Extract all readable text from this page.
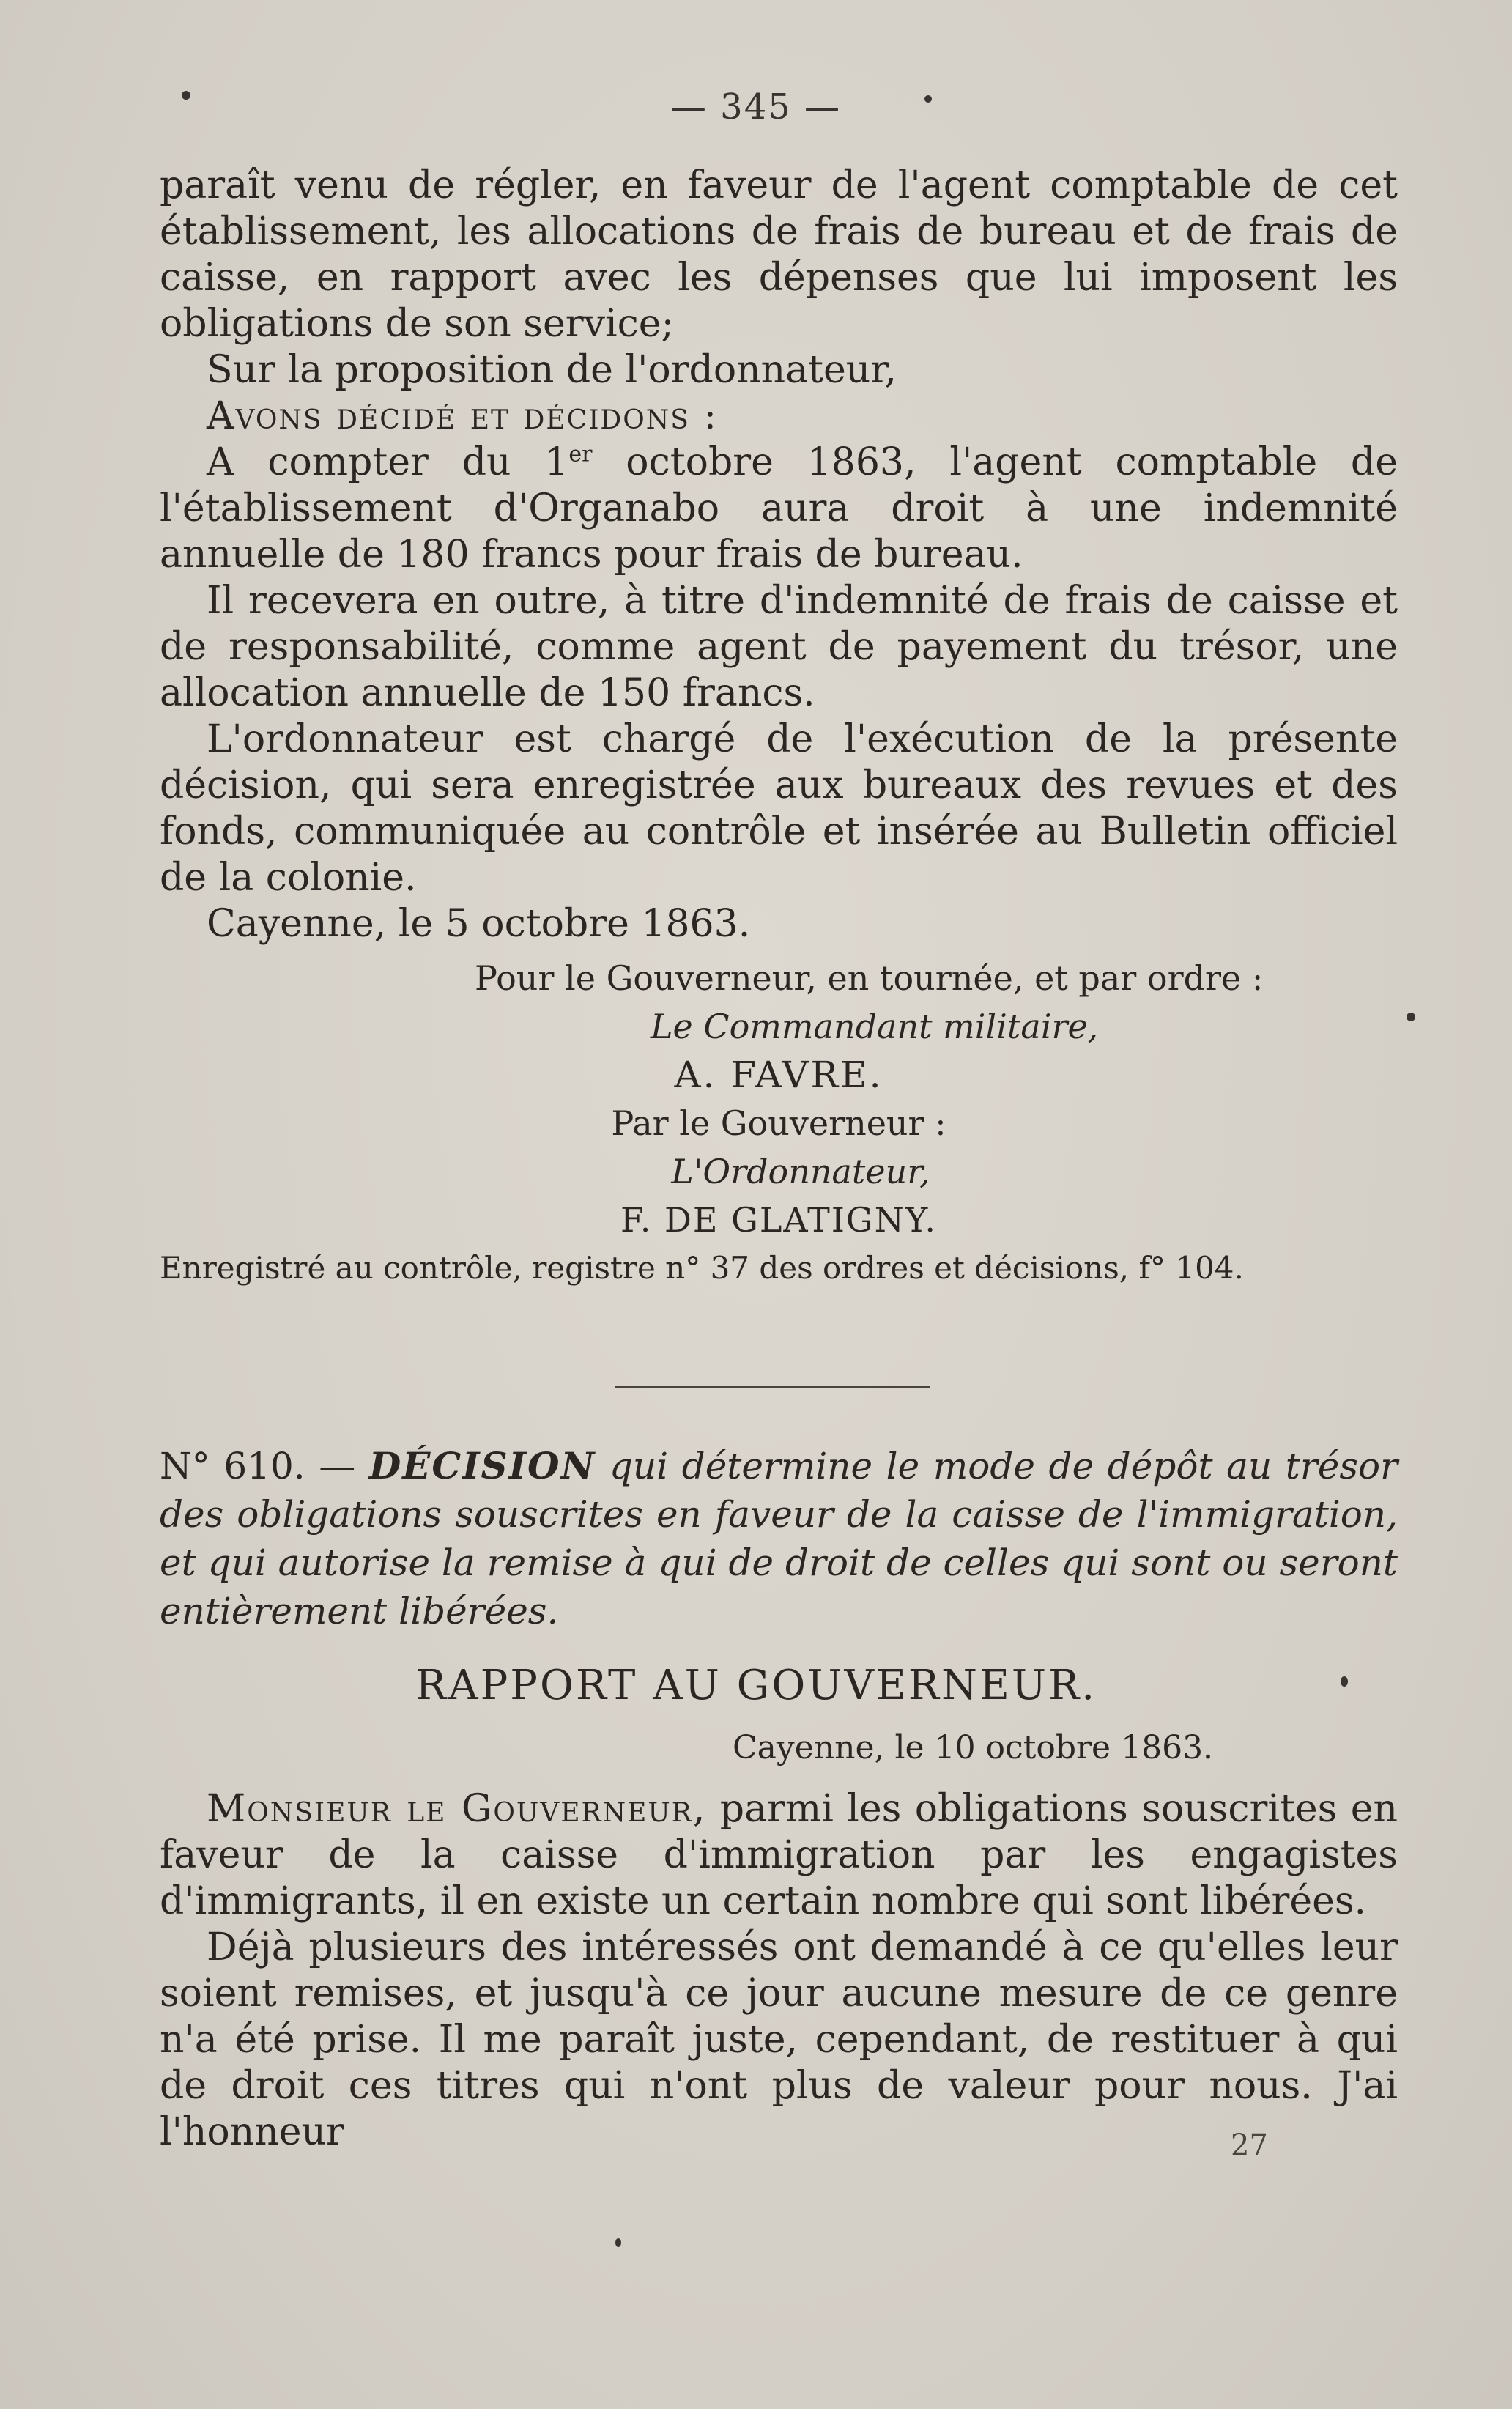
— 345 —

paraît venu de régler, en faveur de l'agent comptable de cet établissement, les allocations de frais de bureau et de frais de caisse, en rapport avec les dépenses que lui imposent les obligations de son service;

Sur la proposition de l'ordonnateur,

Avons décidé et décidons :

A compter du 1er octobre 1863, l'agent comptable de l'établissement d'Organabo aura droit à une indemnité annuelle de 180 francs pour frais de bureau.

Il recevera en outre, à titre d'indemnité de frais de caisse et de responsabilité, comme agent de payement du trésor, une allocation annuelle de 150 francs.

L'ordonnateur est chargé de l'exécution de la présente décision, qui sera enregistrée aux bureaux des revues et des fonds, communiquée au contrôle et insérée au Bulletin officiel de la colonie.

Cayenne, le 5 octobre 1863.

Pour le Gouverneur, en tournée, et par ordre :
Le Commandant militaire,
A. FAVRE.
Par le Gouverneur :
L'Ordonnateur,
F. DE GLATIGNY.
Enregistré au contrôle, registre n° 37 des ordres et décisions, f° 104.
N° 610. — DÉCISION qui détermine le mode de dépôt au trésor des obligations souscrites en faveur de la caisse de l'immigration, et qui autorise la remise à qui de droit de celles qui sont ou seront entièrement libérées.
RAPPORT AU GOUVERNEUR.
Cayenne, le 10 octobre 1863.

Monsieur le Gouverneur, parmi les obligations souscrites en faveur de la caisse d'immigration par les engagistes d'immigrants, il en existe un certain nombre qui sont libérées.

Déjà plusieurs des intéressés ont demandé à ce qu'elles leur soient remises, et jusqu'à ce jour aucune mesure de ce genre n'a été prise. Il me paraît juste, cependant, de restituer à qui de droit ces titres qui n'ont plus de valeur pour nous. J'ai l'honneur	27
